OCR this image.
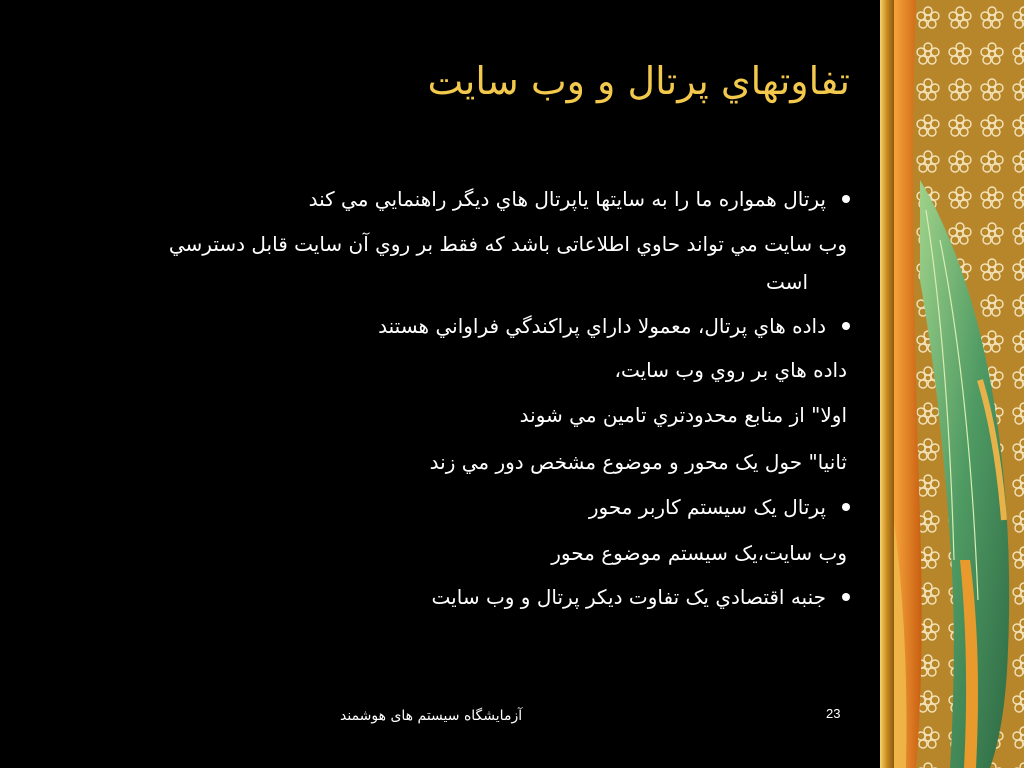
تفاوتهاي پرتال و وب سايت
پرتال همواره ما را به سايتها ياپرتال هاي ديگر راهنمايي مي كند
وب سايت مي تواند حاوي اطلاعاتی باشد که فقط بر روي آن سايت قابل دسترسي
است
داده هاي پرتال، معمولا داراي پراکندگي فراواني هستند
داده هاي بر روي وب سايت،
اولا" از منابع محدودتري تامين مي شوند
ثانيا" حول يک محور و موضوع مشخص دور مي زند
پرتال يک سيستم کاربر محور
وب سايت،يک سيستم موضوع محور
جنبه اقتصادي يک تفاوت ديكر پرتال و وب سايت
آزمايشگاه سيستم های هوشمند	23
